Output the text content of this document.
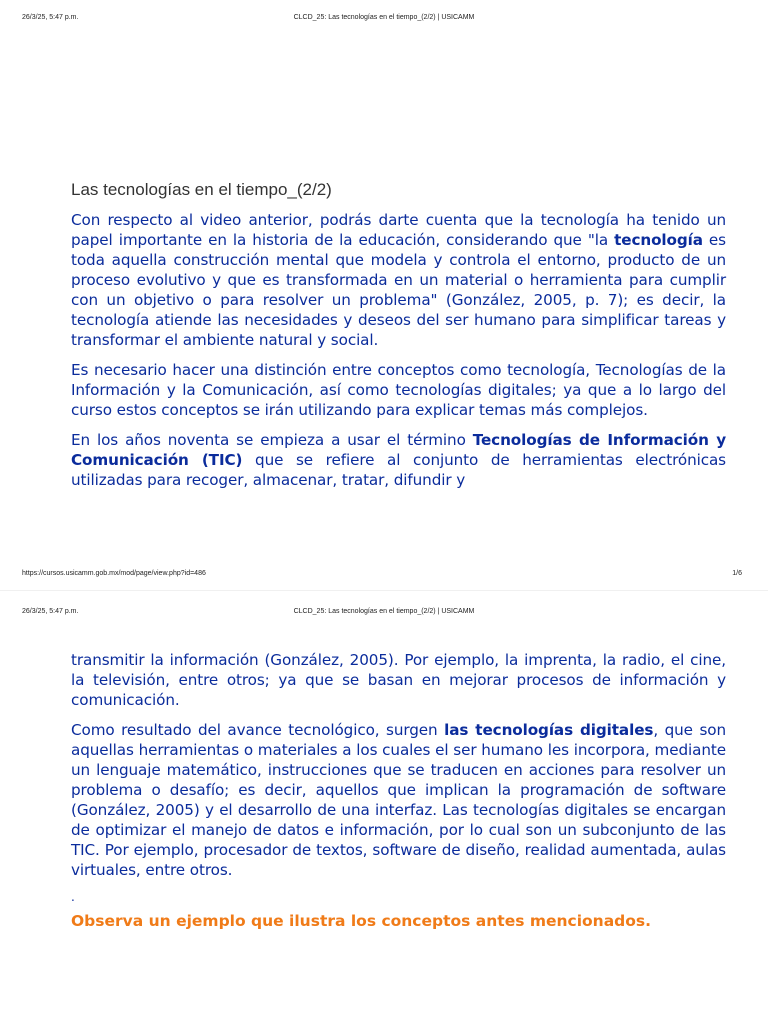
26/3/25, 5:47 p.m.	CLCD_25: Las tecnologías en el tiempo_(2/2) | USICAMM
Las tecnologías en el tiempo_(2/2)

Con respecto al video anterior, podrás darte cuenta que la tecnología ha tenido un papel importante en la historia de la educación, considerando que "la tecnología es toda aquella construcción mental que modela y controla el entorno, producto de un proceso evolutivo y que es transformada en un material o herramienta para cumplir con un objetivo o para resolver un problema" (González, 2005, p. 7); es decir, la tecnología atiende las necesidades y deseos del ser humano para simplificar tareas y transformar el ambiente natural y social.

Es necesario hacer una distinción entre conceptos como tecnología, Tecnologías de la Información y la Comunicación, así como tecnologías digitales; ya que a lo largo del curso estos conceptos se irán utilizando para explicar temas más complejos.

En los años noventa se empieza a usar el término Tecnologías de Información y Comunicación (TIC) que se refiere al conjunto de herramientas electrónicas utilizadas para recoger, almacenar, tratar, difundir y

https://cursos.usicamm.gob.mx/mod/page/view.php?id=486	1/6
26/3/25, 5:47 p.m.	CLCD_25: Las tecnologías en el tiempo_(2/2) | USICAMM

transmitir la información (González, 2005). Por ejemplo, la imprenta, la radio, el cine, la televisión, entre otros; ya que se basan en mejorar procesos de información y comunicación.

Como resultado del avance tecnológico, surgen las tecnologías digitales, que son aquellas herramientas o materiales a los cuales el ser humano les incorpora, mediante un lenguaje matemático, instrucciones que se traducen en acciones para resolver un problema o desafío; es decir, aquellos que implican la programación de software (González, 2005) y el desarrollo de una interfaz. Las tecnologías digitales se encargan de optimizar el manejo de datos e información, por lo cual son un subconjunto de las TIC. Por ejemplo, procesador de textos, software de diseño, realidad aumentada, aulas virtuales, entre otros.

.

Observa un ejemplo que ilustra los conceptos antes mencionados.
